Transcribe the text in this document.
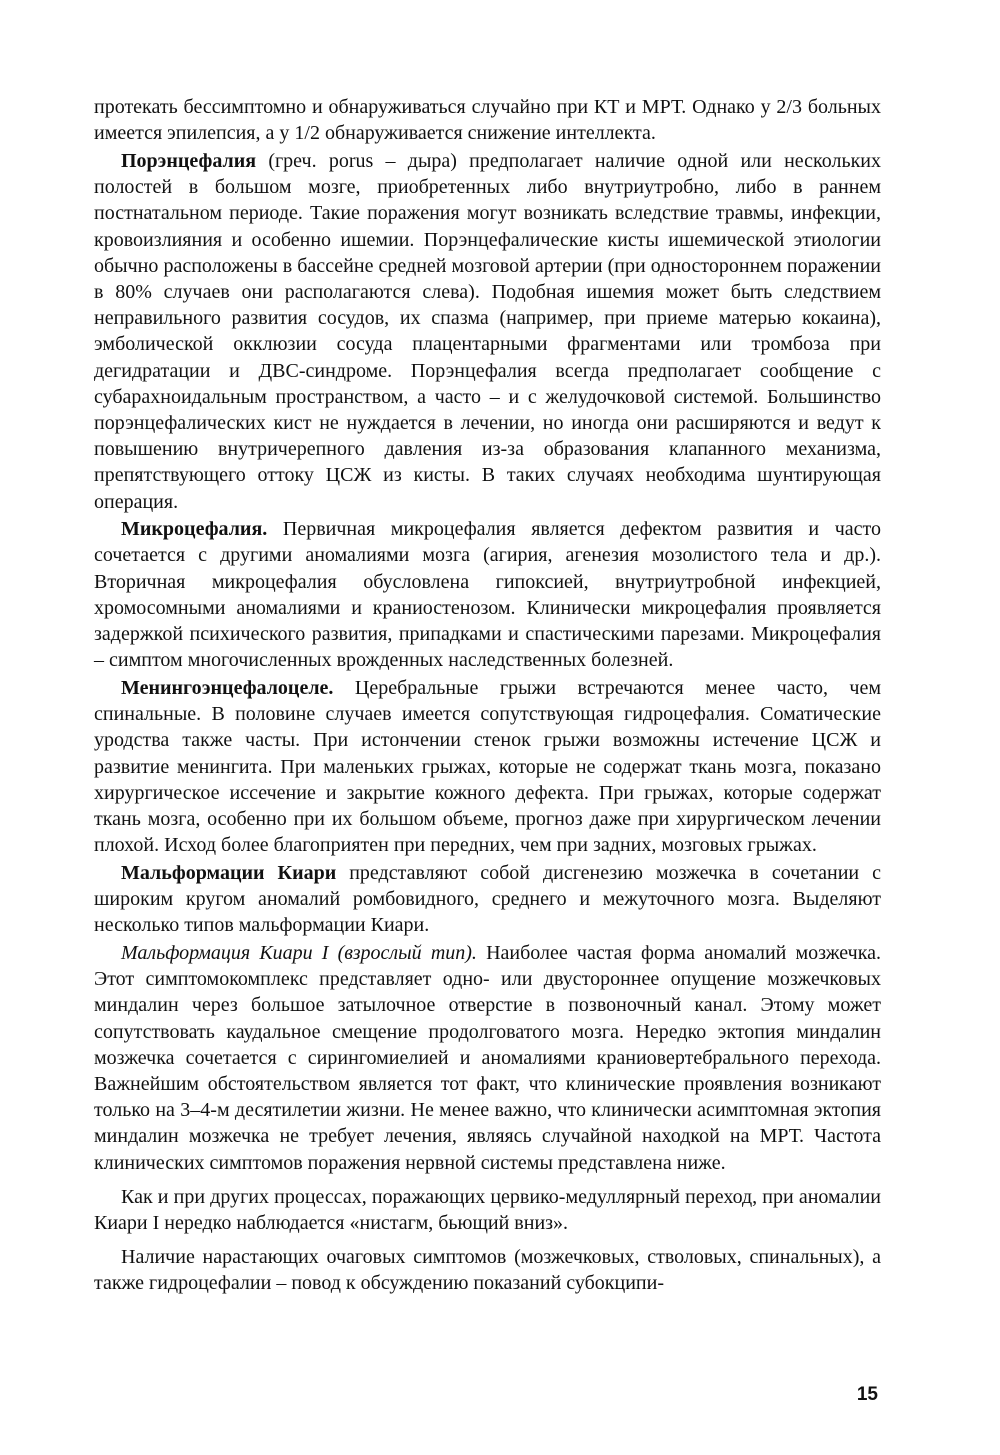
протекать бессимптомно и обнаруживаться случайно при КТ и МРТ. Однако у 2/3 больных имеется эпилепсия, а у 1/2 обнаруживается снижение интеллекта.

Порэнцефалия (греч. porus – дыра) предполагает наличие одной или нескольких полостей в большом мозге, приобретенных либо внутриутробно, либо в раннем постнатальном периоде. Такие поражения могут возникать вследствие травмы, инфекции, кровоизлияния и особенно ишемии. Порэнцефалические кисты ишемической этиологии обычно расположены в бассейне средней мозговой артерии (при одностороннем поражении в 80% случаев они располагаются слева). Подобная ишемия может быть следствием неправильного развития сосудов, их спазма (например, при приеме матерью кокаина), эмболической окклюзии сосуда плацентарными фрагментами или тромбоза при дегидратации и ДВС-синдроме. Порэнцефалия всегда предполагает сообщение с субарахноидальным пространством, а часто – и с желудочковой системой. Большинство порэнцефалических кист не нуждается в лечении, но иногда они расширяются и ведут к повышению внутричерепного давления из-за образования клапанного механизма, препятствующего оттоку ЦСЖ из кисты. В таких случаях необходима шунтирующая операция.

Микроцефалия. Первичная микроцефалия является дефектом развития и часто сочетается с другими аномалиями мозга (агирия, агенезия мозолистого тела и др.). Вторичная микроцефалия обусловлена гипоксией, внутриутробной инфекцией, хромосомными аномалиями и краниостенозом. Клинически микроцефалия проявляется задержкой психического развития, припадками и спастическими парезами. Микроцефалия – симптом многочисленных врожденных наследственных болезней.

Менингоэнцефалоцеле. Церебральные грыжи встречаются менее часто, чем спинальные. В половине случаев имеется сопутствующая гидроцефалия. Соматические уродства также часты. При истончении стенок грыжи возможны истечение ЦСЖ и развитие менингита. При маленьких грыжах, которые не содержат ткань мозга, показано хирургическое иссечение и закрытие кожного дефекта. При грыжах, которые содержат ткань мозга, особенно при их большом объеме, прогноз даже при хирургическом лечении плохой. Исход более благоприятен при передних, чем при задних, мозговых грыжах.

Мальформации Киари представляют собой дисгенезию мозжечка в сочетании с широким кругом аномалий ромбовидного, среднего и межуточного мозга. Выделяют несколько типов мальформации Киари.

Мальформация Киари I (взрослый тип). Наиболее частая форма аномалий мозжечка. Этот симптомокомплекс представляет одно- или двустороннее опущение мозжечковых миндалин через большое затылочное отверстие в позвоночный канал. Этому может сопутствовать каудальное смещение продолговатого мозга. Нередко эктопия миндалин мозжечка сочетается с сирингомиелией и аномалиями краниовертебрального перехода. Важнейшим обстоятельством является тот факт, что клинические проявления возникают только на 3–4-м десятилетии жизни. Не менее важно, что клинически асимптомная эктопия миндалин мозжечка не требует лечения, являясь случайной находкой на МРТ. Частота клинических симптомов поражения нервной системы представлена ниже.

Как и при других процессах, поражающих цервико-медуллярный переход, при аномалии Киари I нередко наблюдается «нистагм, бьющий вниз».

Наличие нарастающих очаговых симптомов (мозжечковых, стволовых, спинальных), а также гидроцефалии – повод к обсуждению показаний субокципи-

15
